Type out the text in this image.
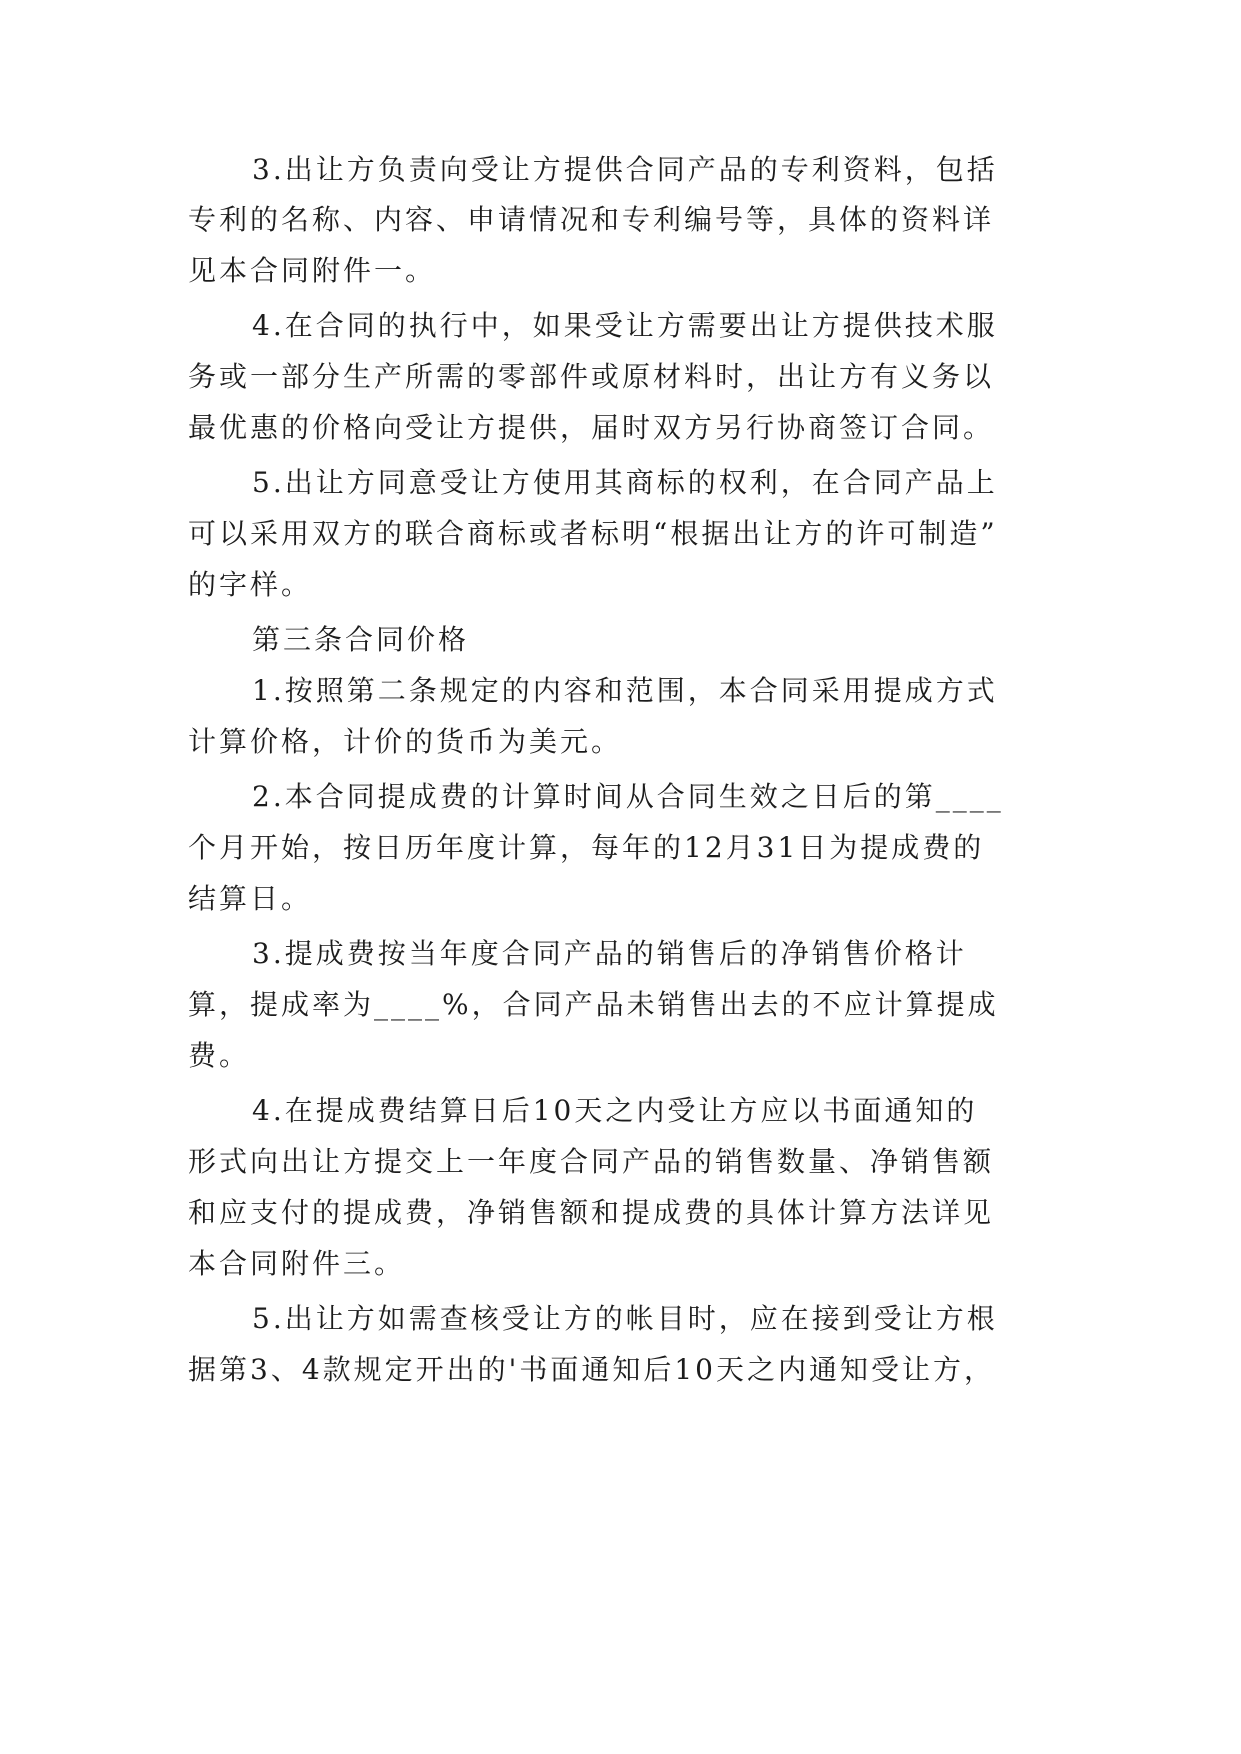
3.出让方负责向受让方提供合同产品的专利资料，包括
专利的名称、内容、申请情况和专利编号等，具体的资料详
见本合同附件一。
4.在合同的执行中，如果受让方需要出让方提供技术服
务或一部分生产所需的零部件或原材料时，出让方有义务以
最优惠的价格向受让方提供，届时双方另行协商签订合同。
5.出让方同意受让方使用其商标的权利，在合同产品上
可以采用双方的联合商标或者标明“根据出让方的许可制造”
的字样。
第三条合同价格
1.按照第二条规定的内容和范围，本合同采用提成方式
计算价格，计价的货币为美元。
2.本合同提成费的计算时间从合同生效之日后的第____
个月开始，按日历年度计算，每年的12月31日为提成费的
结算日。
3.提成费按当年度合同产品的销售后的净销售价格计
算，提成率为____%，合同产品未销售出去的不应计算提成
费。
4.在提成费结算日后10天之内受让方应以书面通知的
形式向出让方提交上一年度合同产品的销售数量、净销售额
和应支付的提成费，净销售额和提成费的具体计算方法详见
本合同附件三。
5.出让方如需查核受让方的帐目时，应在接到受让方根
据第3、4款规定开出的'书面通知后10天之内通知受让方，
